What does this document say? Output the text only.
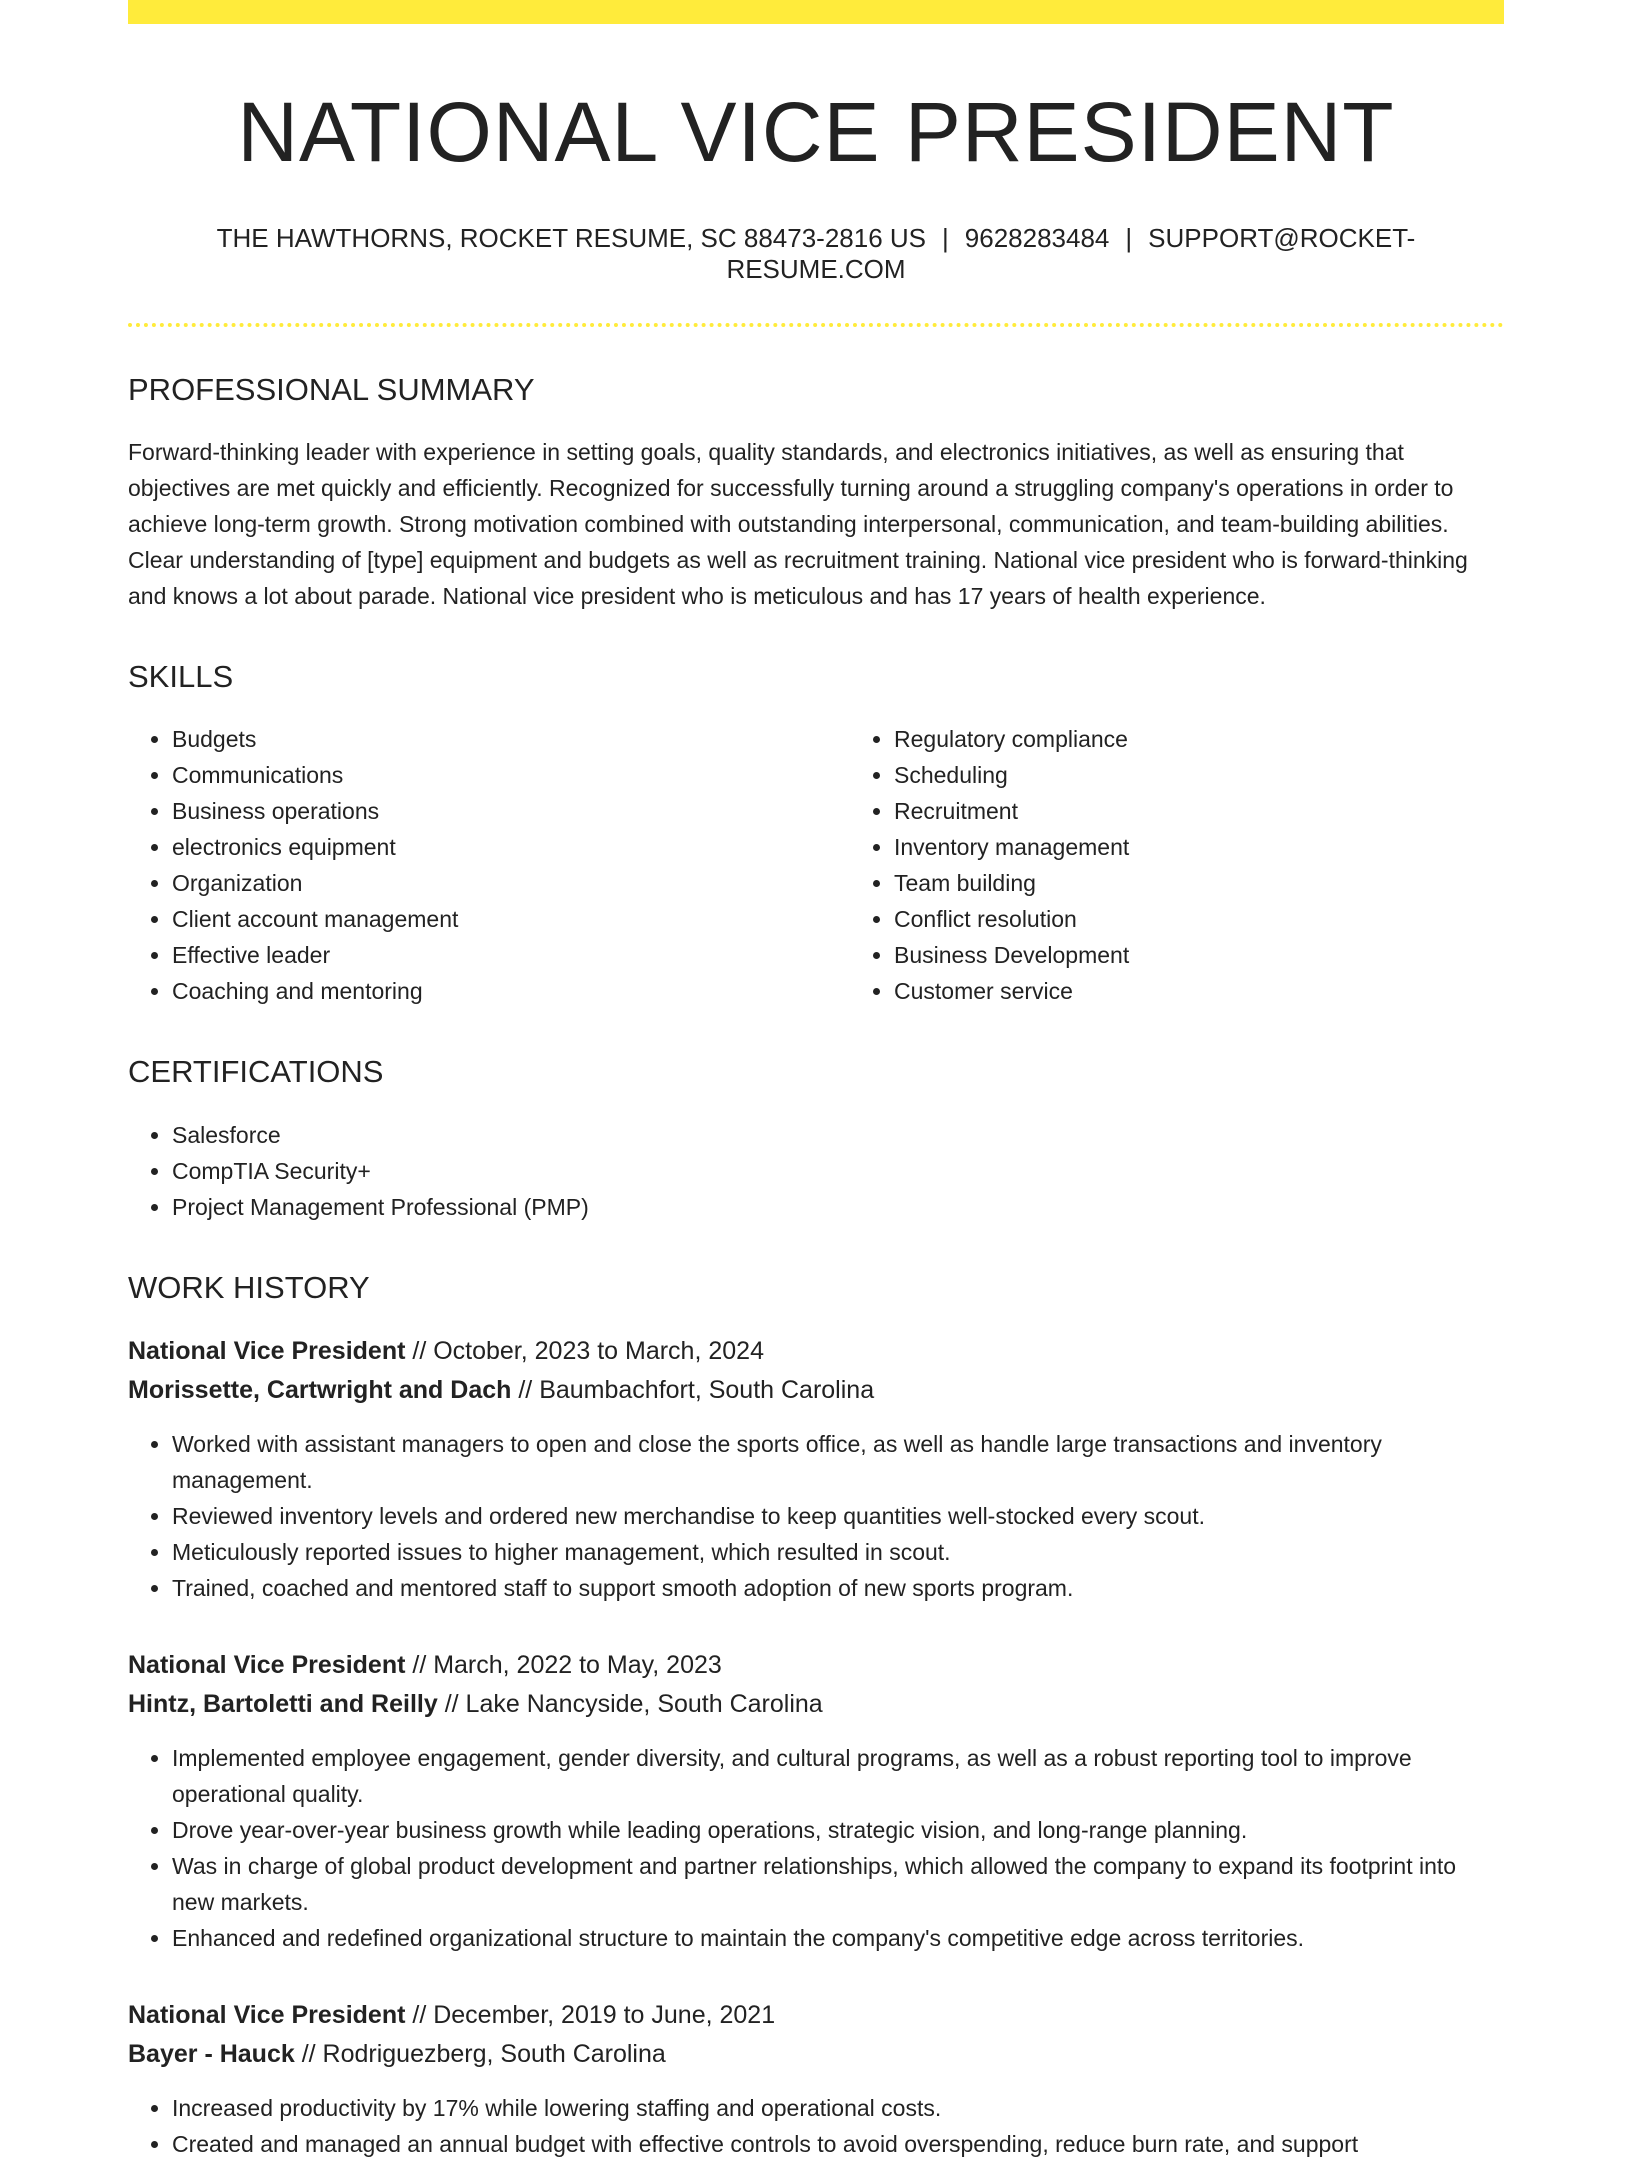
NATIONAL VICE PRESIDENT
THE HAWTHORNS, ROCKET RESUME, SC 88473-2816 US | 9628283484 | SUPPORT@ROCKET-RESUME.COM
PROFESSIONAL SUMMARY

Forward-thinking leader with experience in setting goals, quality standards, and electronics initiatives, as well as ensuring that objectives are met quickly and efficiently. Recognized for successfully turning around a struggling company's operations in order to achieve long-term growth. Strong motivation combined with outstanding interpersonal, communication, and team-building abilities. Clear understanding of [type] equipment and budgets as well as recruitment training. National vice president who is forward-thinking and knows a lot about parade. National vice president who is meticulous and has 17 years of health experience.

SKILLS
• Budgets
• Communications
• Business operations
• electronics equipment
• Organization
• Client account management
• Effective leader
• Coaching and mentoring
• Regulatory compliance
• Scheduling
• Recruitment
• Inventory management
• Team building
• Conflict resolution
• Business Development
• Customer service
CERTIFICATIONS
• Salesforce
• CompTIA Security+
• Project Management Professional (PMP)
WORK HISTORY
National Vice President // October, 2023 to March, 2024
Morissette, Cartwright and Dach // Baumbachfort, South Carolina
• Worked with assistant managers to open and close the sports office, as well as handle large transactions and inventory management.
• Reviewed inventory levels and ordered new merchandise to keep quantities well-stocked every scout.
• Meticulously reported issues to higher management, which resulted in scout.
• Trained, coached and mentored staff to support smooth adoption of new sports program.
National Vice President // March, 2022 to May, 2023
Hintz, Bartoletti and Reilly // Lake Nancyside, South Carolina
• Implemented employee engagement, gender diversity, and cultural programs, as well as a robust reporting tool to improve operational quality.
• Drove year-over-year business growth while leading operations, strategic vision, and long-range planning.
• Was in charge of global product development and partner relationships, which allowed the company to expand its footprint into new markets.
• Enhanced and redefined organizational structure to maintain the company's competitive edge across territories.
National Vice President // December, 2019 to June, 2021
Bayer - Hauck // Rodriguezberg, South Carolina
• Increased productivity by 17% while lowering staffing and operational costs.
• Created and managed an annual budget with effective controls to avoid overspending, reduce burn rate, and support
